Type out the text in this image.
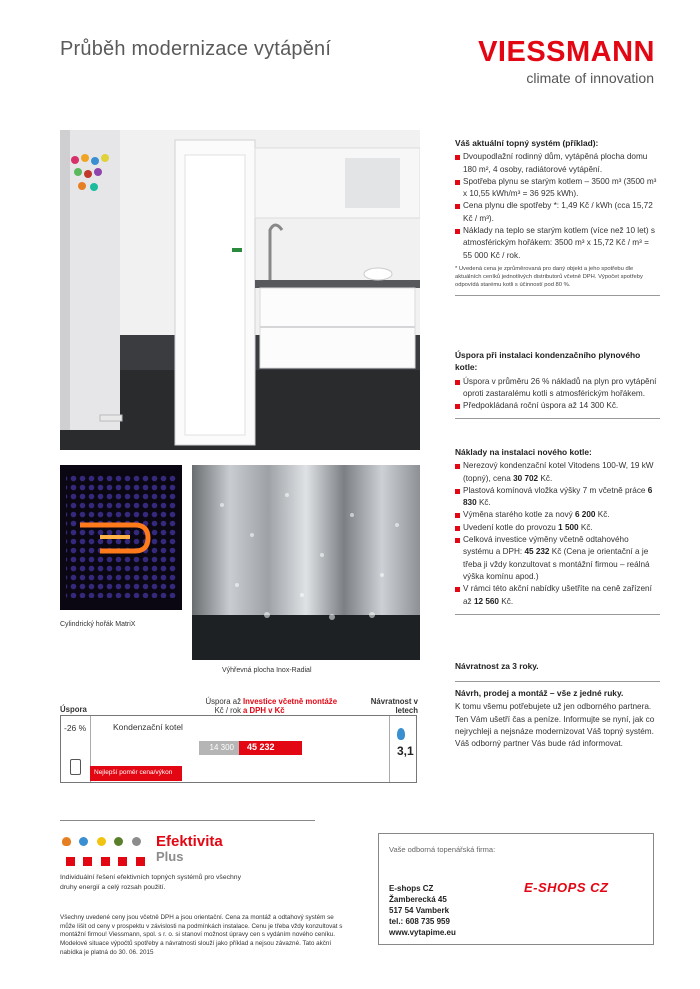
Průběh modernizace vytápění	VIESSMANN
climate of innovation
Cylindrický hořák MatriX
Výhřevná plocha Inox-Radial
Váš aktuální topný systém (příklad):
Dvoupodlažní rodinný dům, vytápěná plocha domu 180 m², 4 osoby, radiátorové vytápění.
Spotřeba plynu se starým kotlem – 3500 m³ (3500 m³ x 10,55 kWh/m³ = 36 925 kWh).
Cena plynu dle spotřeby *: 1,49 Kč / kWh (cca 15,72 Kč / m³).
Náklady na teplo se starým kotlem (více než 10 let) s atmosférickým hořákem: 3500 m³ x 15,72 Kč / m³ = 55 000 Kč / rok.
* Uvedená cena je zprůměrovaná pro daný objekt a jeho spotřebu dle aktuálních ceníků jednotlivých distributorů včetně DPH. Výpočet spotřeby odpovídá starému kotli s účinností pod 80 %.
Úspora při instalaci kondenzačního plynového kotle:
Úspora v průměru 26 % nákladů na plyn pro vytápění oproti zastaralému kotli s atmosférickým hořákem.
Předpokládaná roční úspora až 14 300 Kč.
Náklady na instalaci nového kotle:
Nerezový kondenzační kotel Vitodens 100-W, 19 kW (topný), cena 30 702 Kč.
Plastová komínová vložka výšky 7 m včetně práce 6 830 Kč.
Výměna starého kotle za nový 6 200 Kč.
Uvedení kotle do provozu 1 500 Kč.
Celková investice výměny včetně odtahového systému a DPH: 45 232 Kč (Cena je orientační a je třeba ji vždy konzultovat s montážní firmou – reálná výška komínu apod.)
V rámci této akční nabídky ušetříte na ceně zařízení až 12 560 Kč.
Návratnost za 3 roky.
Návrh, prodej a montáž – vše z jedné ruky.
K tomu všemu potřebujete už jen odborného partnera. Ten Vám ušetří čas a peníze. Informujte se nyní, jak co nejrychleji a nejsnáze modernizovat Váš topný systém. Váš odborný partner Vás bude rád informovat.
Úspora
Úspora až Kč / rok
Investice včetně montáže a DPH v Kč
Návratnost v letech
-26 %	Kondenzační kotel
14 300 45 232
Nejlepší poměr cena/výkon
3,1

Efektivita
Plus
Individuální řešení efektivních topných systémů pro všechny druhy energií a celý rozsah použití.
Všechny uvedené ceny jsou včetně DPH a jsou orientační. Cena za montáž a odtahový systém se může lišit od ceny v prospektu v závislosti na podmínkách instalace. Cenu je třeba vždy konzultovat s montážní firmou! Viessmann, spol. s r. o. si stanoví možnost úpravy cen s vydáním nového ceníku. Modelové situace výpočtů spotřeby a návratnosti slouží jako příklad a nejsou závazné. Tato akční nabídka je platná do 30. 06. 2015
Vaše odborná topenářská firma:
E-shops CZ
Žamberecká 45
517 54 Vamberk
tel.: 608 735 959
www.vytapime.eu
E-SHOPS CZ
